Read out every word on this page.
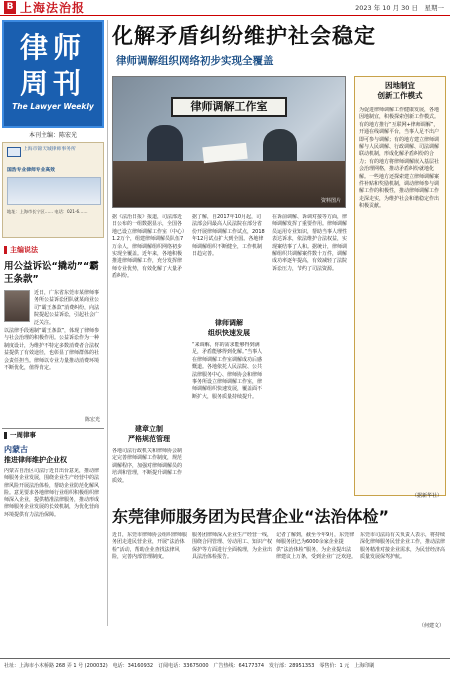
B 上海法治报	2023 年 10 月 30 日　星期一
律师
周刊
The Lawyer Weekly
本刊主编：陈宏光
上海市锦天城律师事务所
国浩专业律师专业高效
地址：上海市长宁区…… 电话：021-6……
主编说法
用公益诉讼“撬动”“霸王条款”
近日，广东省东莞市某律师事务所公益诉讼团队就某商业公司“霸王条款”消费纠纷，向法院提起公益诉讼，引起社会广泛关注。
以法律手段遏制“霸王条款”，体现了律师参与社会治理的积极作用。公益诉讼作为一种制度设计，为维护不特定多数消费者合法权益提供了有效途径，也彰显了律师群体的社会责任担当。律师以专业力量推动消费环境不断优化，值得肯定。
陈宏光
一周律事
内蒙古
推进律师维护企业权
内蒙古自治区司法厅近日出台意见，推动律师服务企业发展，围绕企业生产经营中的法律风险开展法治体检，帮助企业防范化解风险。意见要求各地律师行业组织积极组织律师深入企业，提供精准法律服务，推动形成律师服务企业发展的长效机制，为优化营商环境提供有力法治保障。
化解矛盾纠纷维护社会稳定
律师调解组织网络初步实现全覆盖
律师调解工作室
资料图片
因地制宜
创新工作模式
为促进律师调解工作健康发展，各地因地制宜，积极探索创新工作模式。有的地方推行“互联网+律师调解”，开通在线调解平台，当事人足不出户即可参与调解；有的地方建立律师调解与人民调解、行政调解、司法调解联动机制，形成化解矛盾纠纷的合力；有的地方将律师调解嵌入基层社会治理网格，推动矛盾纠纷就地化解。一些地方还探索建立律师调解案件补贴和奖励机制，调动律师参与调解工作的积极性，推动律师调解工作走深走实，为维护社会和谐稳定作出积极贡献。
据《法治日报》报道，司法部近日公布的一组数据显示，全国各地已设立律师调解工作室（中心）1.2万个，组建律师调解员队伍7万余人，律师调解组织网络初步实现全覆盖。近年来，各地积极推进律师调解工作，充分发挥律师专业优势，有效化解了大量矛盾纠纷。
据了解，自2017年10月起，司法部会同最高人民法院在部分省份开展律师调解工作试点，2018年12月试点扩大到全国。各地律师调解组织不断健全，工作机制日趋完善。
律师调解
组织快速发展
“来调解，你的需求能够得到满足，矛盾能够得到化解。”当事人在律师调解工作室调解成功后感慨道。各地依托人民法院、公共法律服务中心、律师协会和律师事务所设立律师调解工作室，律师调解组织快速发展，覆盖面不断扩大，服务质量持续提升。
在诉前调解、诉调对接等方面，律师调解发挥了重要作用。律师调解员运用专业知识，帮助当事人理性表达诉求，依法维护合法权益，实现案结事了人和。据统计，律师调解组织共调解案件数十万件，调解成功率逐年提高，有效减轻了法院诉讼压力，节约了司法资源。
建章立制
严格规范管理
各地司法行政机关和律师协会制定完善律师调解工作制度，规范调解程序，加强对律师调解员的培训和管理，不断提升调解工作质效。
（据新华社）
东莞律师服务团为民营企业“法治体检”
近日，东莞市律师协会组织律师服务团走进民营企业，开展“法治体检”活动，帮助企业查找法律风险，完善内部管理制度。
服务团律师深入企业生产经营一线，围绕合同管理、劳动用工、知识产权保护等方面进行全面梳理，为企业出具法治体检报告。
记者了解到，截至今年9月，东莞律师服务团已为6000余家企业提供“法治体检”服务，为企业提出法律建议上万条，受到企业广泛欢迎。
东莞市司法局有关负责人表示，将持续深化律师服务民营企业工作，推动法律服务精准对接企业需求，为民营经济高质量发展保驾护航。
（何建文）
社址：上海市小木桥路 268 弄 1 号 (200032)　电话：34160932　订阅电话：33675000　广告热线：64177374　发行部：28951353　零售价：1 元　上海印刷
